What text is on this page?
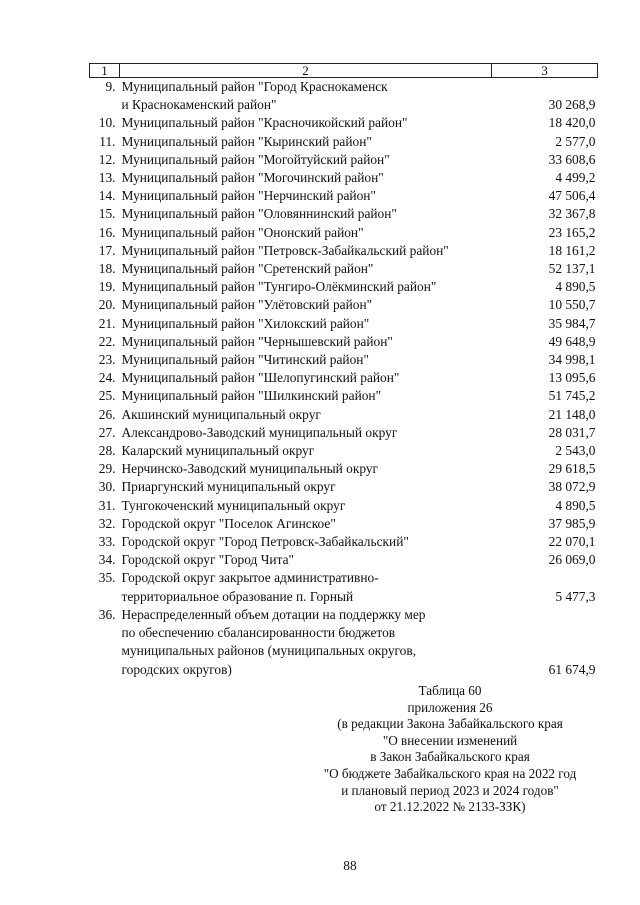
1	2	3
9.	Муниципальный район "Город Краснокаменск
и Краснокаменский район"	30 268,9
10.	Муниципальный район "Красночикойский район"	18 420,0
11.	Муниципальный район "Кыринский район"	2 577,0
12.	Муниципальный район "Могойтуйский район"	33 608,6
13.	Муниципальный район "Могочинский район"	4 499,2
14.	Муниципальный район "Нерчинский район"	47 506,4
15.	Муниципальный район "Оловяннинский район"	32 367,8
16.	Муниципальный район "Ононский район"	23 165,2
17.	Муниципальный район "Петровск-Забайкальский район"	18 161,2
18.	Муниципальный район "Сретенский район"	52 137,1
19.	Муниципальный район "Тунгиро-Олёкминский район"	4 890,5
20.	Муниципальный район "Улётовский район"	10 550,7
21.	Муниципальный район "Хилокский район"	35 984,7
22.	Муниципальный район "Чернышевский район"	49 648,9
23.	Муниципальный район "Читинский район"	34 998,1
24.	Муниципальный район "Шелопугинский район"	13 095,6
25.	Муниципальный район "Шилкинский район"	51 745,2
26.	Акшинский муниципальный округ	21 148,0
27.	Александрово-Заводский муниципальный округ	28 031,7
28.	Каларский муниципальный округ	2 543,0
29.	Нерчинско-Заводский муниципальный округ	29 618,5
30.	Приаргунский муниципальный округ	38 072,9
31.	Тунгокоченский муниципальный округ	4 890,5
32.	Городской округ "Поселок Агинское"	37 985,9
33.	Городской округ "Город Петровск-Забайкальский"	22 070,1
34.	Городской округ "Город Чита"	26 069,0
35.	Городской округ закрытое административно-
территориальное образование п. Горный	5 477,3
36.	Нераспределенный объем дотации на поддержку мер
по обеспечению сбалансированности бюджетов
муниципальных районов (муниципальных округов,
городских округов)	61 674,9
Таблица 60
приложения 26
(в редакции Закона Забайкальского края
"О внесении изменений
в Закон Забайкальского края
"О бюджете Забайкальского края на 2022 год
и плановый период 2023 и 2024 годов"
от 21.12.2022 № 2133-ЗЗК)
88
